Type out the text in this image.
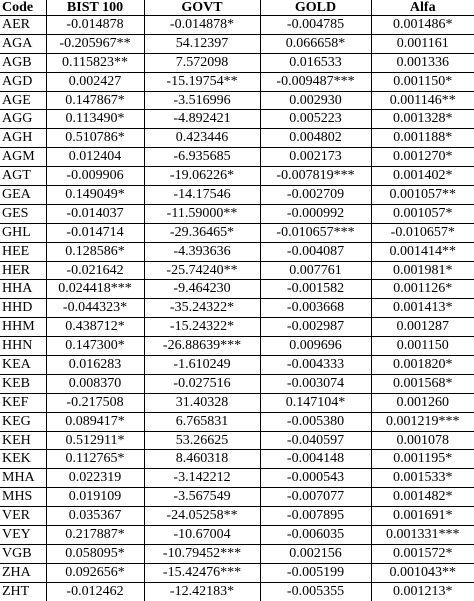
Code	BIST 100	GOVT	GOLD	Alfa
AER	-0.014878	-0.014878*	-0.004785	0.001486*
AGA	-0.205967**	54.12397	0.066658*	0.001161
AGB	0.115823**	7.572098	0.016533	0.001336
AGD	0.002427	-15.19754**	-0.009487***	0.001150*
AGE	0.147867*	-3.516996	0.002930	0.001146**
AGG	0.113490*	-4.892421	0.005223	0.001328*
AGH	0.510786*	0.423446	0.004802	0.001188*
AGM	0.012404	-6.935685	0.002173	0.001270*
AGT	-0.009906	-19.06226*	-0.007819***	0.001402*
GEA	0.149049*	-14.17546	-0.002709	0.001057**
GES	-0.014037	-11.59000**	-0.000992	0.001057*
GHL	-0.014714	-29.36465*	-0.010657***	-0.010657*
HEE	0.128586*	-4.393636	-0.004087	0.001414**
HER	-0.021642	-25.74240**	0.007761	0.001981*
HHA	0.024418***	-9.464230	-0.001582	0.001126*
HHD	-0.044323*	-35.24322*	-0.003668	0.001413*
HHM	0.438712*	-15.24322*	-0.002987	0.001287
HHN	0.147300*	-26.88639***	0.009696	0.001150
KEA	0.016283	-1.610249	-0.004333	0.001820*
KEB	0.008370	-0.027516	-0.003074	0.001568*
KEF	-0.217508	31.40328	0.147104*	0.001260
KEG	0.089417*	6.765831	-0.005380	0.001219***
KEH	0.512911*	53.26625	-0.040597	0.001078
KEK	0.112765*	8.460318	-0.004148	0.001195*
MHA	0.022319	-3.142212	-0.000543	0.001533*
MHS	0.019109	-3.567549	-0.007077	0.001482*
VER	0.035367	-24.05258**	-0.007895	0.001691*
VEY	0.217887*	-10.67004	-0.006035	0.001331***
VGB	0.058095*	-10.79452***	0.002156	0.001572*
ZHA	0.092656*	-15.42476***	-0.005199	0.001043**
ZHT	-0.012462	-12.42183*	-0.005355	0.001213*
